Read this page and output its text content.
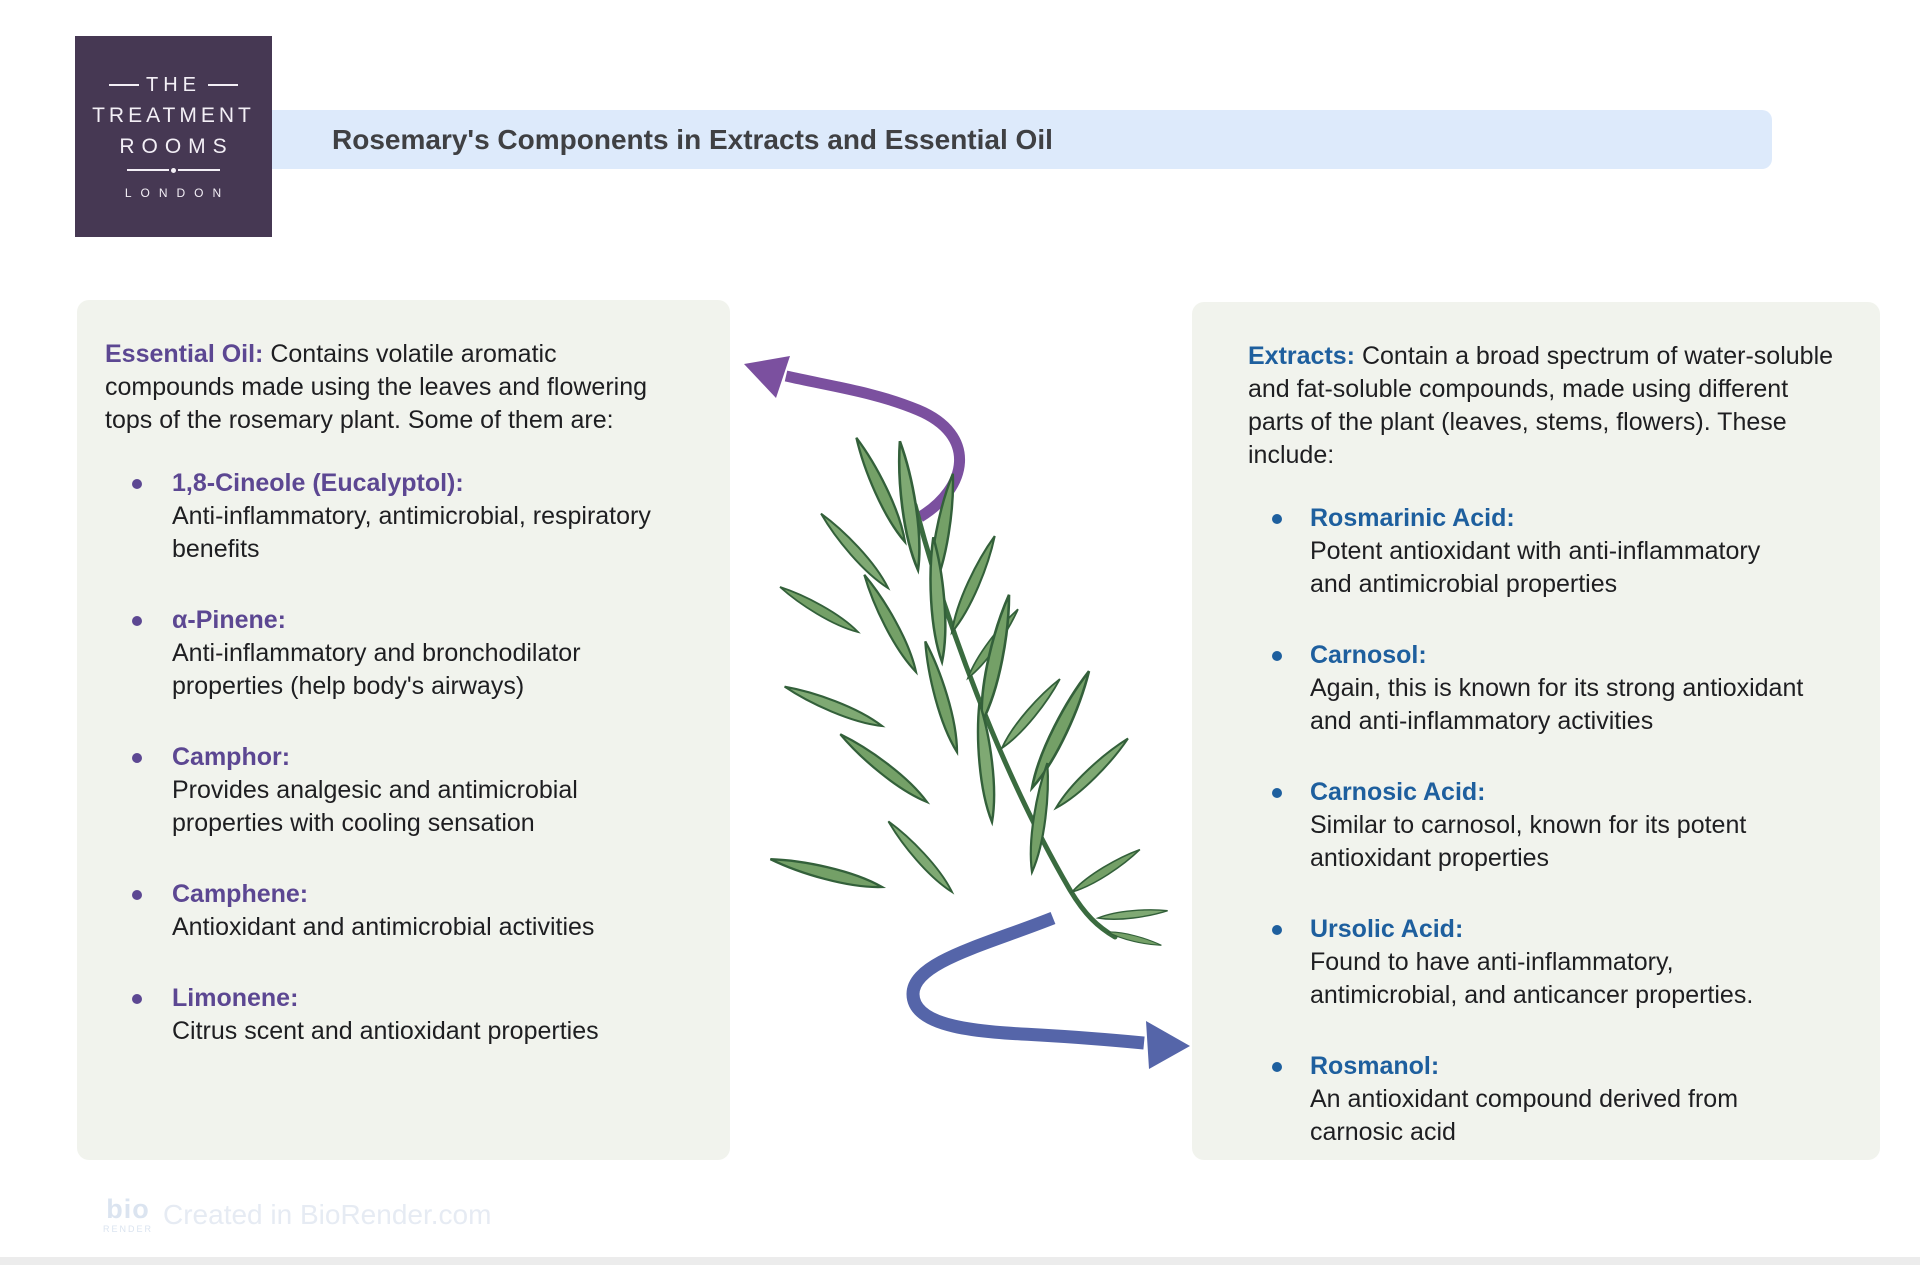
THE
TREATMENT
ROOMS
LONDON
Rosemary's Components in Extracts and Essential Oil

Essential Oil: Contains volatile aromatic compounds made using the leaves and flowering tops of the rosemary plant. Some of them are:

1,8-Cineole (Eucalyptol):
Anti-inflammatory, antimicrobial, respiratory benefits
α-Pinene:
Anti-inflammatory and bronchodilator properties (help body's airways)
Camphor:
Provides analgesic and antimicrobial properties with cooling sensation
Camphene:
Antioxidant and antimicrobial activities
Limonene:
Citrus scent and antioxidant properties

Extracts: Contain a broad spectrum of water-soluble and fat-soluble compounds, made using different parts of the plant (leaves, stems, flowers). These include:

Rosmarinic Acid:
Potent antioxidant with anti-inflammatory and antimicrobial properties
Carnosol:
Again, this is known for its strong antioxidant and anti-inflammatory activities
Carnosic Acid:
Similar to carnosol, known for its potent antioxidant properties
Ursolic Acid:
Found to have anti-inflammatory, antimicrobial, and anticancer properties.
Rosmanol:
An antioxidant compound derived from carnosic acid
bio
RENDER Created in BioRender.com
